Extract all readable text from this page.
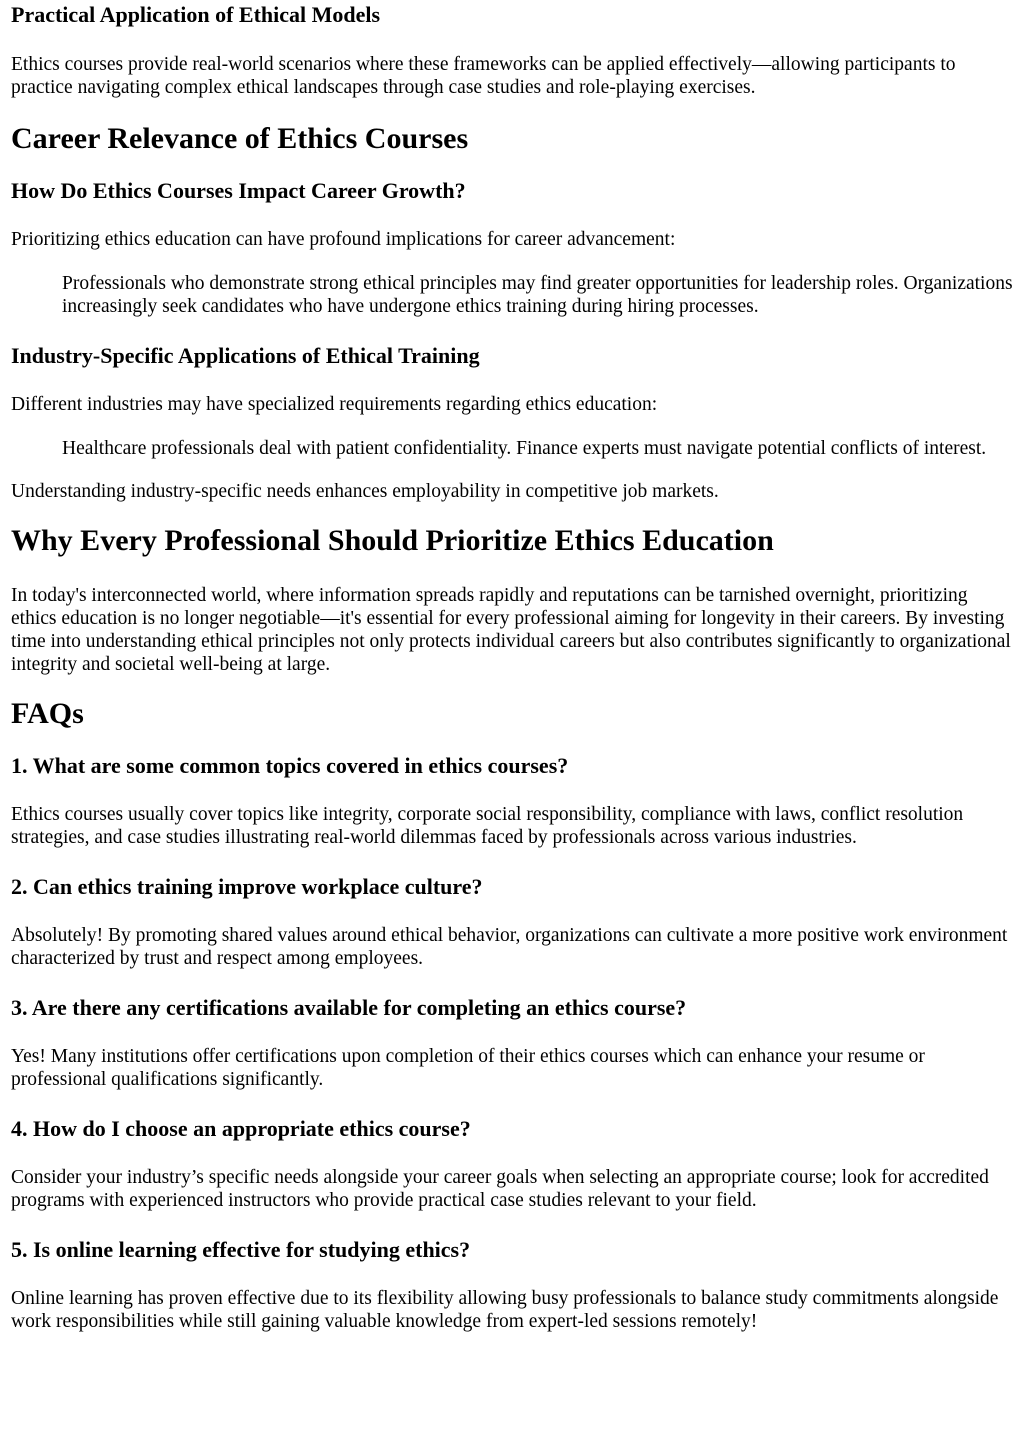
Practical Application of Ethical Models

Ethics courses provide real-world scenarios where these frameworks can be applied effectively—allowing participants to practice navigating complex ethical landscapes through case studies and role-playing exercises.

Career Relevance of Ethics Courses
How Do Ethics Courses Impact Career Growth?

Prioritizing ethics education can have profound implications for career advancement:

Professionals who demonstrate strong ethical principles may find greater opportunities for leadership roles. Organizations increasingly seek candidates who have undergone ethics training during hiring processes.
Industry-Specific Applications of Ethical Training

Different industries may have specialized requirements regarding ethics education:

Healthcare professionals deal with patient confidentiality. Finance experts must navigate potential conflicts of interest.

Understanding industry-specific needs enhances employability in competitive job markets.

Why Every Professional Should Prioritize Ethics Education

In today's interconnected world, where information spreads rapidly and reputations can be tarnished overnight, prioritizing ethics education is no longer negotiable—it's essential for every professional aiming for longevity in their careers. By investing time into understanding ethical principles not only protects individual careers but also contributes significantly to organizational integrity and societal well-being at large.

FAQs
1. What are some common topics covered in ethics courses?

Ethics courses usually cover topics like integrity, corporate social responsibility, compliance with laws, conflict resolution strategies, and case studies illustrating real-world dilemmas faced by professionals across various industries.

2. Can ethics training improve workplace culture?

Absolutely! By promoting shared values around ethical behavior, organizations can cultivate a more positive work environment characterized by trust and respect among employees.

3. Are there any certifications available for completing an ethics course?

Yes! Many institutions offer certifications upon completion of their ethics courses which can enhance your resume or professional qualifications significantly.

4. How do I choose an appropriate ethics course?

Consider your industry’s specific needs alongside your career goals when selecting an appropriate course; look for accredited programs with experienced instructors who provide practical case studies relevant to your field.

5. Is online learning effective for studying ethics?

Online learning has proven effective due to its flexibility allowing busy professionals to balance study commitments alongside work responsibilities while still gaining valuable knowledge from expert-led sessions remotely!
